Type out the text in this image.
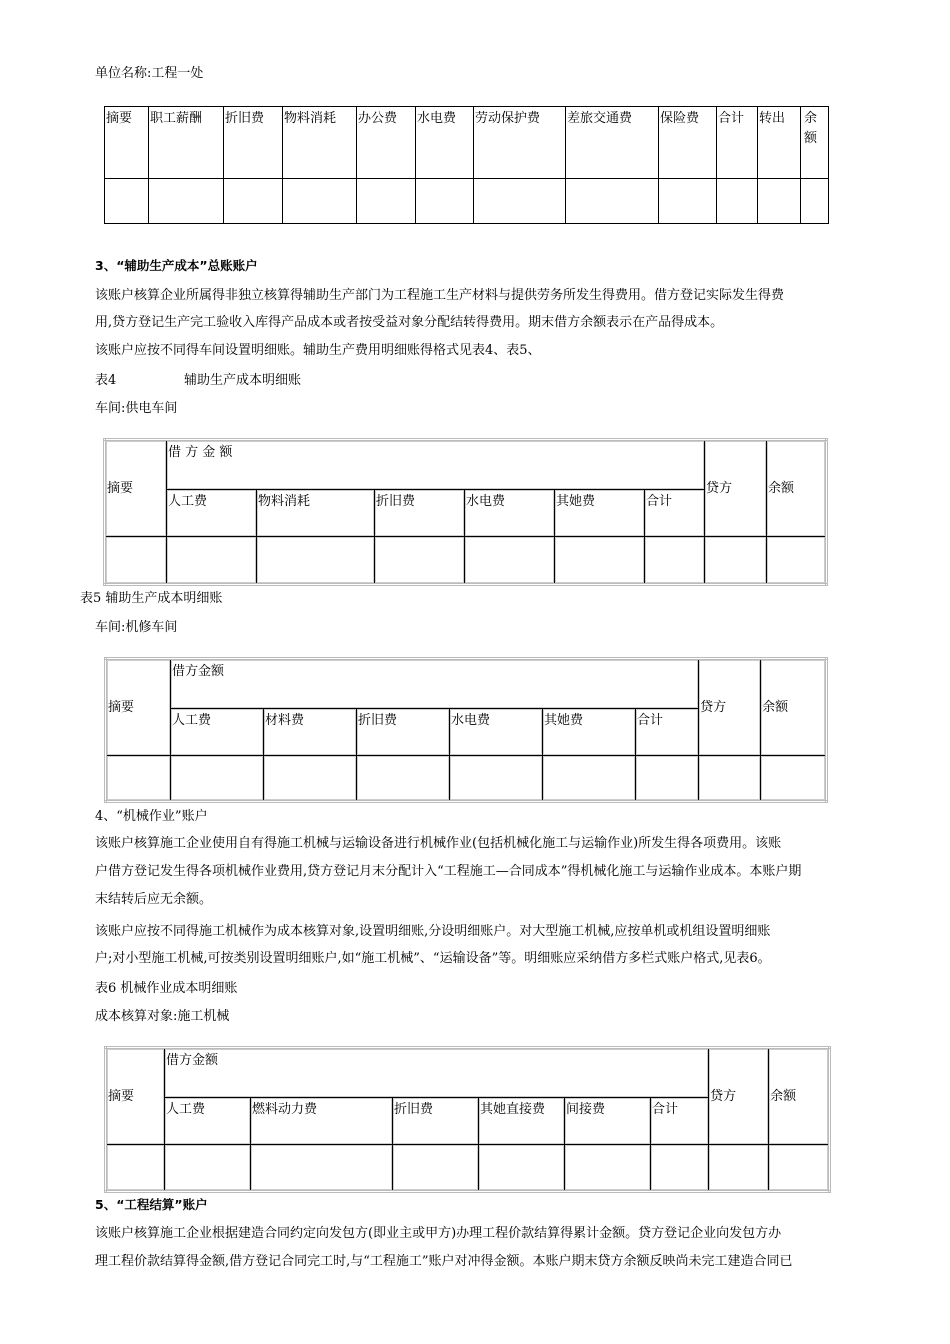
单位名称:工程一处
摘要	职工薪酬	折旧费	物料消耗	办公费	水电费	劳动保护费	差旅交通费	保险费	合计	转出	余额

3、“辅助生产成本”总账账户
该账户核算企业所属得非独立核算得辅助生产部门为工程施工生产材料与提供劳务所发生得费用。借方登记实际发生得费
用,贷方登记生产完工验收入库得产品成本或者按受益对象分配结转得费用。期末借方余额表示在产品得成本。
该账户应按不同得车间设置明细账。辅助生产费用明细账得格式见表4、表5、
表4	辅助生产成本明细账
车间:供电车间
摘要	借 方 金 额						贷方	余额
	人工费	物料消耗	折旧费	水电费	其她费	合计		

表5 辅助生产成本明细账
车间:机修车间
摘要	借方金额						贷方	余额
	人工费	材料费	折旧费	水电费	其她费	合计		

4、“机械作业”账户
该账户核算施工企业使用自有得施工机械与运输设备进行机械作业(包括机械化施工与运输作业)所发生得各项费用。该账
户借方登记发生得各项机械作业费用,贷方登记月末分配计入“工程施工—合同成本”得机械化施工与运输作业成本。本账户期
末结转后应无余额。
该账户应按不同得施工机械作为成本核算对象,设置明细账,分设明细账户。对大型施工机械,应按单机或机组设置明细账
户;对小型施工机械,可按类别设置明细账户,如“施工机械”、“运输设备”等。明细账应采纳借方多栏式账户格式,见表6。
表6 机械作业成本明细账
成本核算对象:施工机械
摘要	借方金额						贷方	余额
	人工费	燃料动力费	折旧费	其她直接费	间接费	合计		

5、“工程结算”账户
该账户核算施工企业根据建造合同约定向发包方(即业主或甲方)办理工程价款结算得累计金额。贷方登记企业向发包方办
理工程价款结算得金额,借方登记合同完工时,与“工程施工”账户对冲得金额。本账户期末贷方余额反映尚未完工建造合同已
